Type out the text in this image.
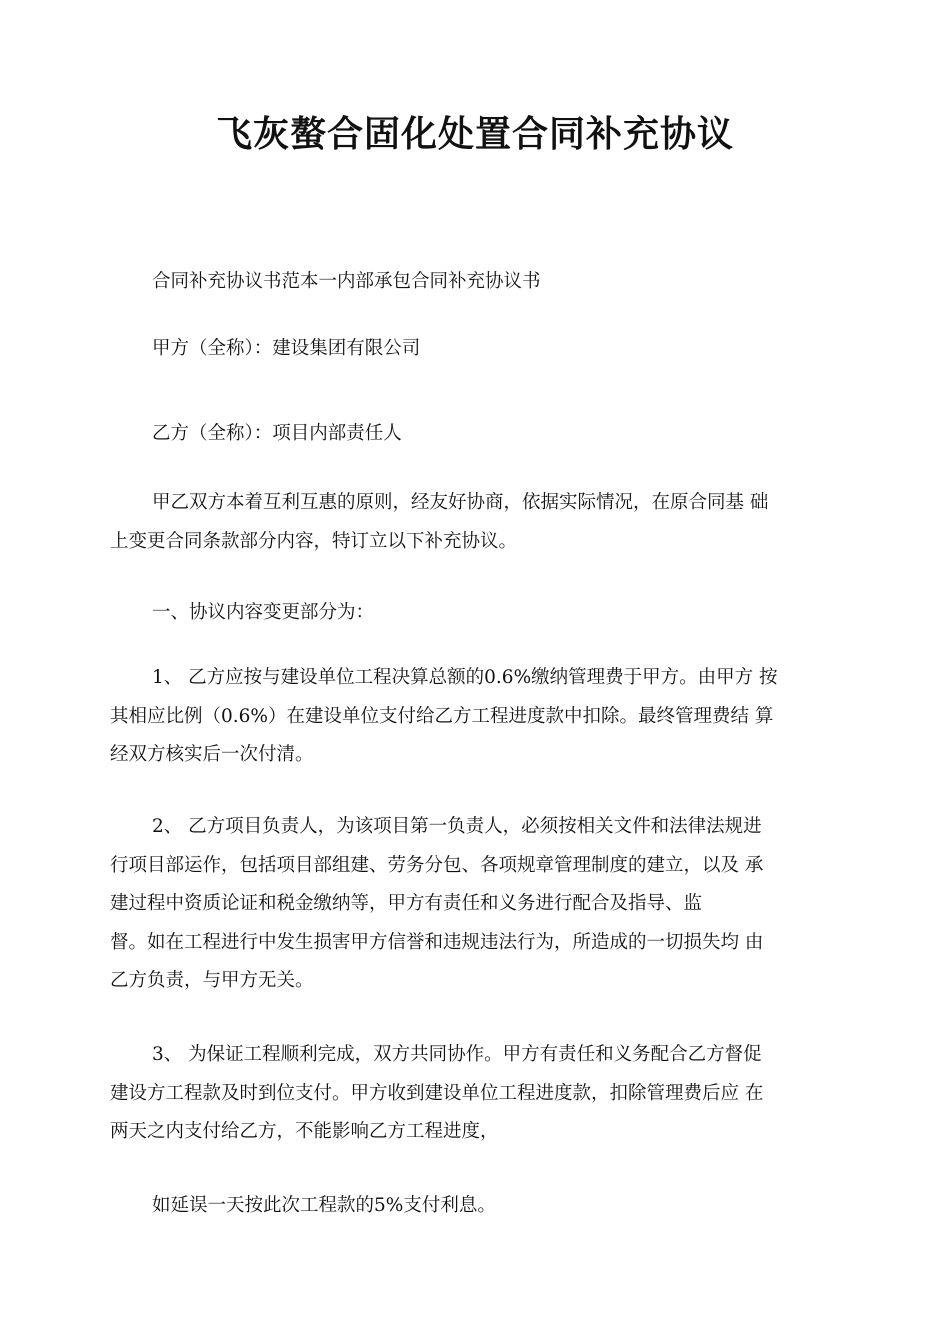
飞灰螯合固化处置合同补充协议

合同补充协议书范本一内部承包合同补充协议书

甲方（全称）：建设集团有限公司

乙方（全称）：项目内部责任人

甲乙双方本着互利互惠的原则，经友好协商，依据实际情况，在原合同基 础
上变更合同条款部分内容，特订立以下补充协议。

一、协议内容变更部分为：

1、 乙方应按与建设单位工程决算总额的0.6%缴纳管理费于甲方。由甲方 按
其相应比例（0.6%）在建设单位支付给乙方工程进度款中扣除。最终管理费结 算
经双方核实后一次付清。

2、 乙方项目负责人，为该项目第一负责人，必须按相关文件和法律法规进
行项目部运作，包括项目部组建、劳务分包、各项规章管理制度的建立，以及 承
建过程中资质论证和税金缴纳等，甲方有责任和义务进行配合及指导、监
督。如在工程进行中发生损害甲方信誉和违规违法行为，所造成的一切损失均 由
乙方负责，与甲方无关。

3、 为保证工程顺利完成，双方共同协作。甲方有责任和义务配合乙方督促
建设方工程款及时到位支付。甲方收到建设单位工程进度款，扣除管理费后应 在
两天之内支付给乙方，不能影响乙方工程进度，

如延误一天按此次工程款的5%支付利息。
